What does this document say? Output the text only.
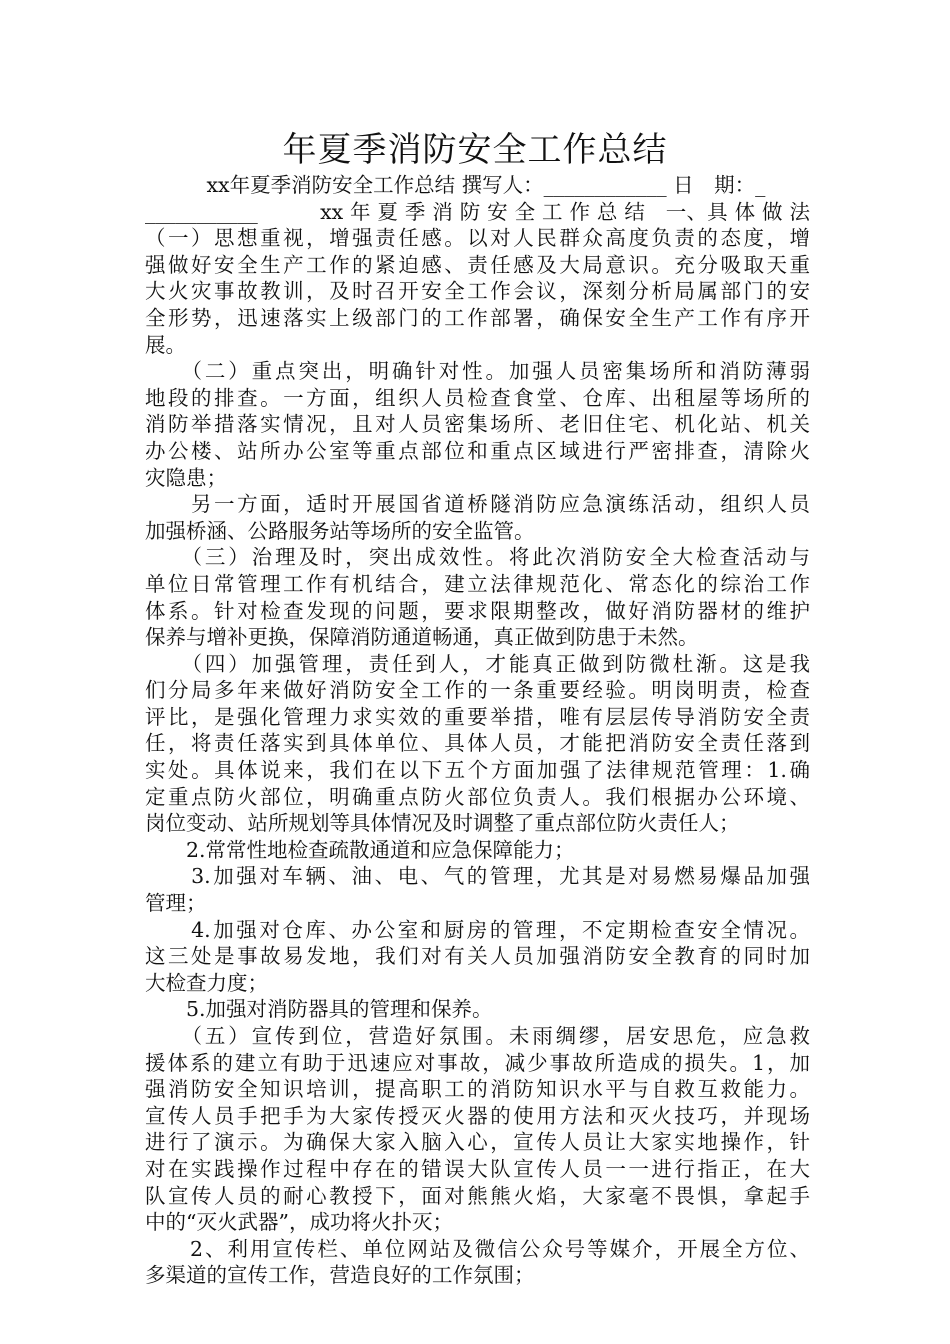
年夏季消防安全工作总结
　　　xx年夏季消防安全工作总结 撰写人：____________ 日　期：_
___________　　　xx 年 夏 季 消 防 安 全 工 作 总 结　一、具 体 做 法
（一）思想重视，增强责任感。以对人民群众高度负责的态度，增
强做好安全生产工作的紧迫感、责任感及大局意识。充分吸取天重
大火灾事故教训，及时召开安全工作会议，深刻分析局属部门的安
全形势，迅速落实上级部门的工作部署，确保安全生产工作有序开
展。
　　（二）重点突出，明确针对性。加强人员密集场所和消防薄弱
地段的排查。一方面，组织人员检查食堂、仓库、出租屋等场所的
消防举措落实情况，且对人员密集场所、老旧住宅、机化站、机关
办公楼、站所办公室等重点部位和重点区域进行严密排查，清除火
灾隐患；
　　另一方面，适时开展国省道桥隧消防应急演练活动，组织人员
加强桥涵、公路服务站等场所的安全监管。
　　（三）治理及时，突出成效性。将此次消防安全大检查活动与
单位日常管理工作有机结合，建立法律规范化、常态化的综治工作
体系。针对检查发现的问题，要求限期整改，做好消防器材的维护
保养与增补更换，保障消防通道畅通，真正做到防患于未然。
　　（四）加强管理，责任到人，才能真正做到防微杜渐。这是我
们分局多年来做好消防安全工作的一条重要经验。明岗明责，检查
评比，是强化管理力求实效的重要举措，唯有层层传导消防安全责
任，将责任落实到具体单位、具体人员，才能把消防安全责任落到
实处。具体说来，我们在以下五个方面加强了法律规范管理：1.确
定重点防火部位，明确重点防火部位负责人。我们根据办公环境、
岗位变动、站所规划等具体情况及时调整了重点部位防火责任人；
　　2.常常性地检查疏散通道和应急保障能力；
　　3.加强对车辆、油、电、气的管理，尤其是对易燃易爆品加强
管理；
　　4.加强对仓库、办公室和厨房的管理，不定期检查安全情况。
这三处是事故易发地，我们对有关人员加强消防安全教育的同时加
大检查力度；
　　5.加强对消防器具的管理和保养。
　　（五）宣传到位，营造好氛围。未雨绸缪，居安思危，应急救
援体系的建立有助于迅速应对事故，减少事故所造成的损失。1，加
强消防安全知识培训，提高职工的消防知识水平与自救互救能力。
宣传人员手把手为大家传授灭火器的使用方法和灭火技巧，并现场
进行了演示。为确保大家入脑入心，宣传人员让大家实地操作，针
对在实践操作过程中存在的错误大队宣传人员一一进行指正，在大
队宣传人员的耐心教授下，面对熊熊火焰，大家毫不畏惧，拿起手
中的“灭火武器”，成功将火扑灭；
　　2、利用宣传栏、单位网站及微信公众号等媒介，开展全方位、
多渠道的宣传工作，营造良好的工作氛围；
